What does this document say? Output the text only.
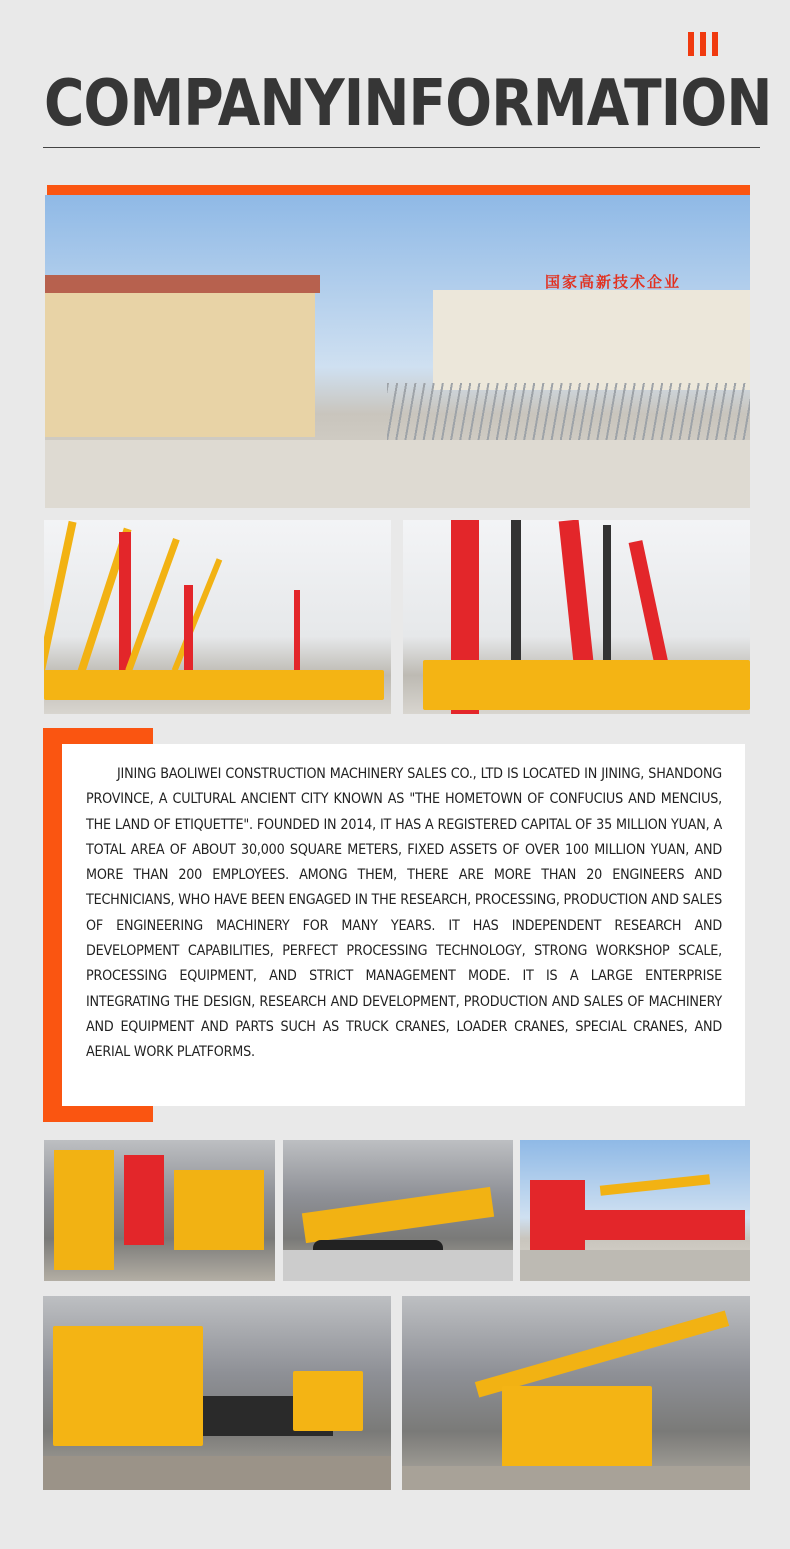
COMPANYINFORMATION
国家高新技术企业

JINING BAOLIWEI CONSTRUCTION MACHINERY SALES CO., LTD IS LOCATED IN JINING, SHANDONG PROVINCE, A CULTURAL ANCIENT CITY KNOWN AS "THE HOMETOWN OF CONFUCIUS AND MENCIUS, THE LAND OF ETIQUETTE". FOUNDED IN 2014, IT HAS A REGISTERED CAPITAL OF 35 MILLION YUAN, A TOTAL AREA OF ABOUT 30,000 SQUARE METERS, FIXED ASSETS OF OVER 100 MILLION YUAN, AND MORE THAN 200 EMPLOYEES. AMONG THEM, THERE ARE MORE THAN 20 ENGINEERS AND TECHNICIANS, WHO HAVE BEEN ENGAGED IN THE RESEARCH, PROCESSING, PRODUCTION AND SALES OF ENGINEERING MACHINERY FOR MANY YEARS. IT HAS INDEPENDENT RESEARCH AND DEVELOPMENT CAPABILITIES, PERFECT PROCESSING TECHNOLOGY, STRONG WORKSHOP SCALE, PROCESSING EQUIPMENT, AND STRICT MANAGEMENT MODE. IT IS A LARGE ENTERPRISE INTEGRATING THE DESIGN, RESEARCH AND DEVELOPMENT, PRODUCTION AND SALES OF MACHINERY AND EQUIPMENT AND PARTS SUCH AS TRUCK CRANES, LOADER CRANES, SPECIAL CRANES, AND AERIAL WORK PLATFORMS.
